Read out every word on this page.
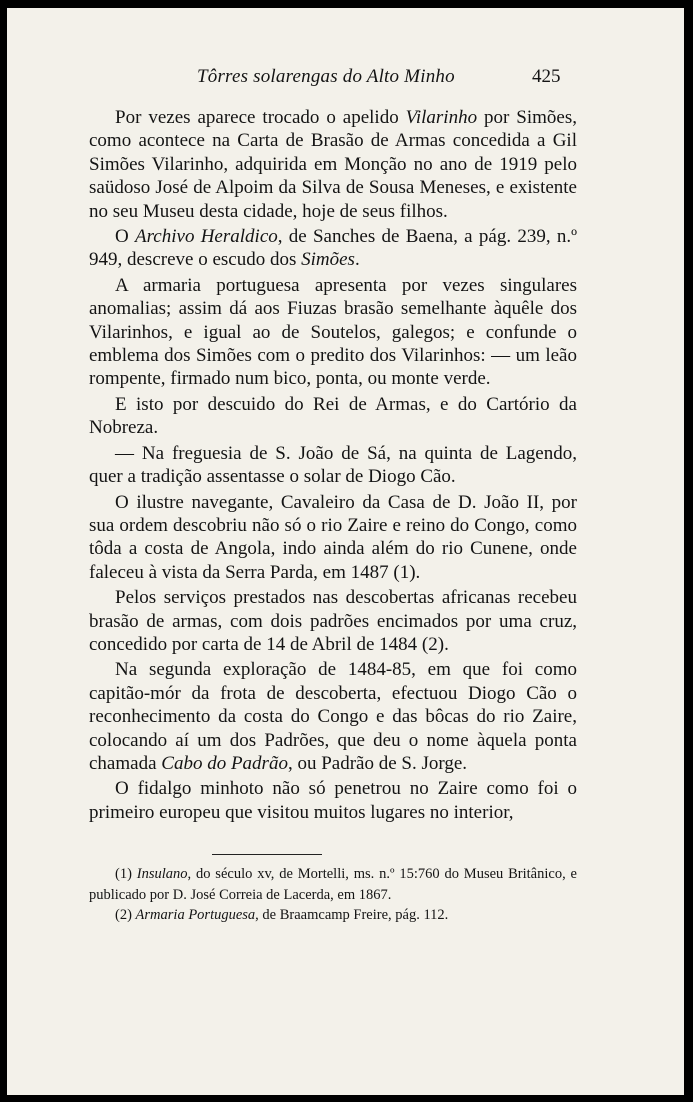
Tôrres solarengas do Alto Minho	425

Por vezes aparece trocado o apelido Vilarinho por Simões, como acontece na Carta de Brasão de Armas concedida a Gil Simões Vilarinho, adquirida em Monção no ano de 1919 pelo saüdoso José de Alpoim da Silva de Sousa Meneses, e existente no seu Museu desta cidade, hoje de seus filhos.

O Archivo Heraldico, de Sanches de Baena, a pág. 239, n.º 949, descreve o escudo dos Simões.

A armaria portuguesa apresenta por vezes singulares anomalias; assim dá aos Fiuzas brasão semelhante àquêle dos Vilarinhos, e igual ao de Soutelos, galegos; e confunde o emblema dos Simões com o predito dos Vilarinhos: — um leão rompente, firmado num bico, ponta, ou monte verde.

E isto por descuido do Rei de Armas, e do Cartório da Nobreza.

— Na freguesia de S. João de Sá, na quinta de Lagendo, quer a tradição assentasse o solar de Diogo Cão.

O ilustre navegante, Cavaleiro da Casa de D. João II, por sua ordem descobriu não só o rio Zaire e reino do Congo, como tôda a costa de Angola, indo ainda além do rio Cunene, onde faleceu à vista da Serra Parda, em 1487 (1).

Pelos serviços prestados nas descobertas africanas recebeu brasão de armas, com dois padrões encimados por uma cruz, concedido por carta de 14 de Abril de 1484 (2).

Na segunda exploração de 1484-85, em que foi como capitão-mór da frota de descoberta, efectuou Diogo Cão o reconhecimento da costa do Congo e das bôcas do rio Zaire, colocando aí um dos Padrões, que deu o nome àquela ponta chamada Cabo do Padrão, ou Padrão de S. Jorge.

O fidalgo minhoto não só penetrou no Zaire como foi o primeiro europeu que visitou muitos lugares no interior,

(1) Insulano, do século xv, de Mortelli, ms. n.º 15:760 do Museu Britânico, e publicado por D. José Correia de Lacerda, em 1867.

(2) Armaria Portuguesa, de Braamcamp Freire, pág. 112.
